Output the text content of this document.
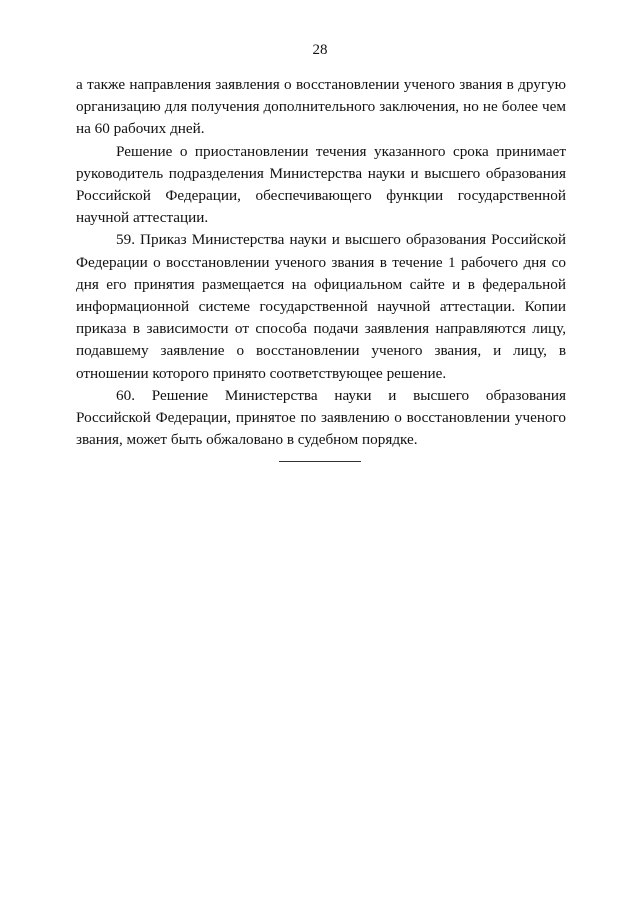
28

а также направления заявления о восстановлении ученого звания в другую организацию для получения дополнительного заключения, но не более чем на 60 рабочих дней.

Решение о приостановлении течения указанного срока принимает руководитель подразделения Министерства науки и высшего образования Российской Федерации, обеспечивающего функции государственной научной аттестации.

59. Приказ Министерства науки и высшего образования Российской Федерации о восстановлении ученого звания в течение 1 рабочего дня со дня его принятия размещается на официальном сайте и в федеральной информационной системе государственной научной аттестации. Копии приказа в зависимости от способа подачи заявления направляются лицу, подавшему заявление о восстановлении ученого звания, и лицу, в отношении которого принято соответствующее решение.

60. Решение Министерства науки и высшего образования Российской Федерации, принятое по заявлению о восстановлении ученого звания, может быть обжаловано в судебном порядке.
